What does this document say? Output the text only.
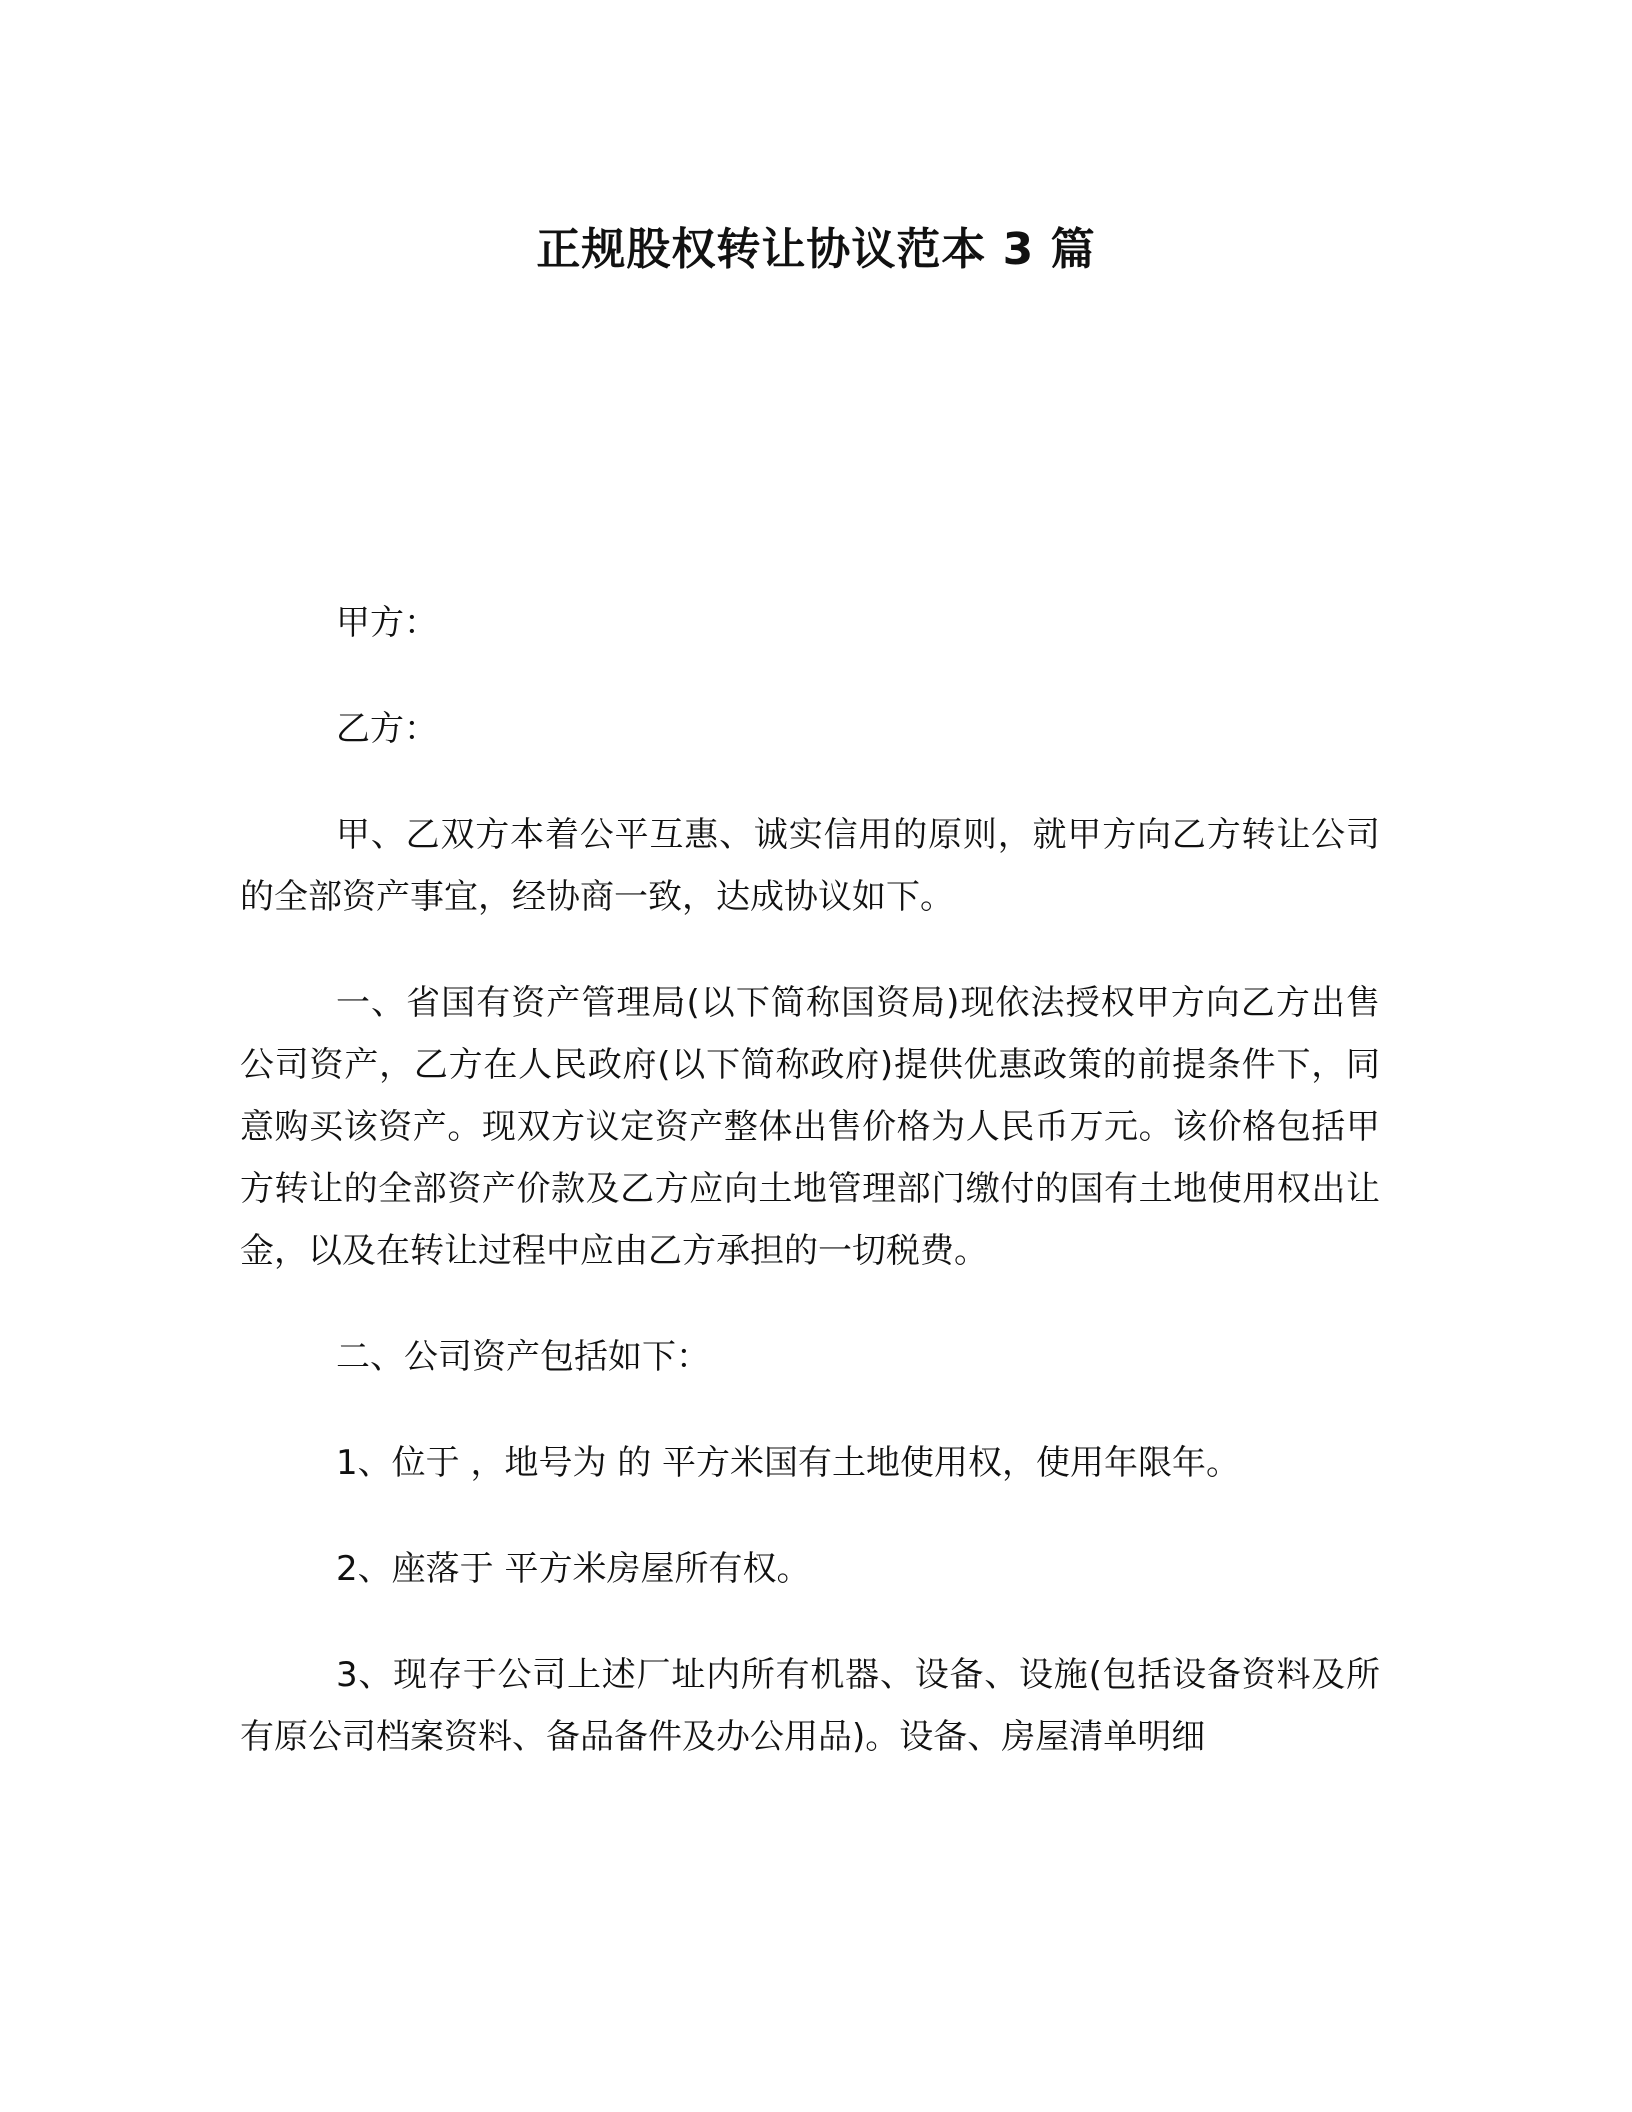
正规股权转让协议范本 3 篇

甲方：

乙方：

甲、乙双方本着公平互惠、诚实信用的原则，就甲方向乙方转让公司的全部资产事宜，经协商一致，达成协议如下。

一、省国有资产管理局(以下简称国资局)现依法授权甲方向乙方出售公司资产，乙方在人民政府(以下简称政府)提供优惠政策的前提条件下，同意购买该资产。现双方议定资产整体出售价格为人民币万元。该价格包括甲方转让的全部资产价款及乙方应向土地管理部门缴付的国有土地使用权出让金，以及在转让过程中应由乙方承担的一切税费。

二、公司资产包括如下：

1、位于 ，地号为 的 平方米国有土地使用权，使用年限年。

2、座落于 平方米房屋所有权。

3、现存于公司上述厂址内所有机器、设备、设施(包括设备资料及所有原公司档案资料、备品备件及办公用品)。设备、房屋清单明细
